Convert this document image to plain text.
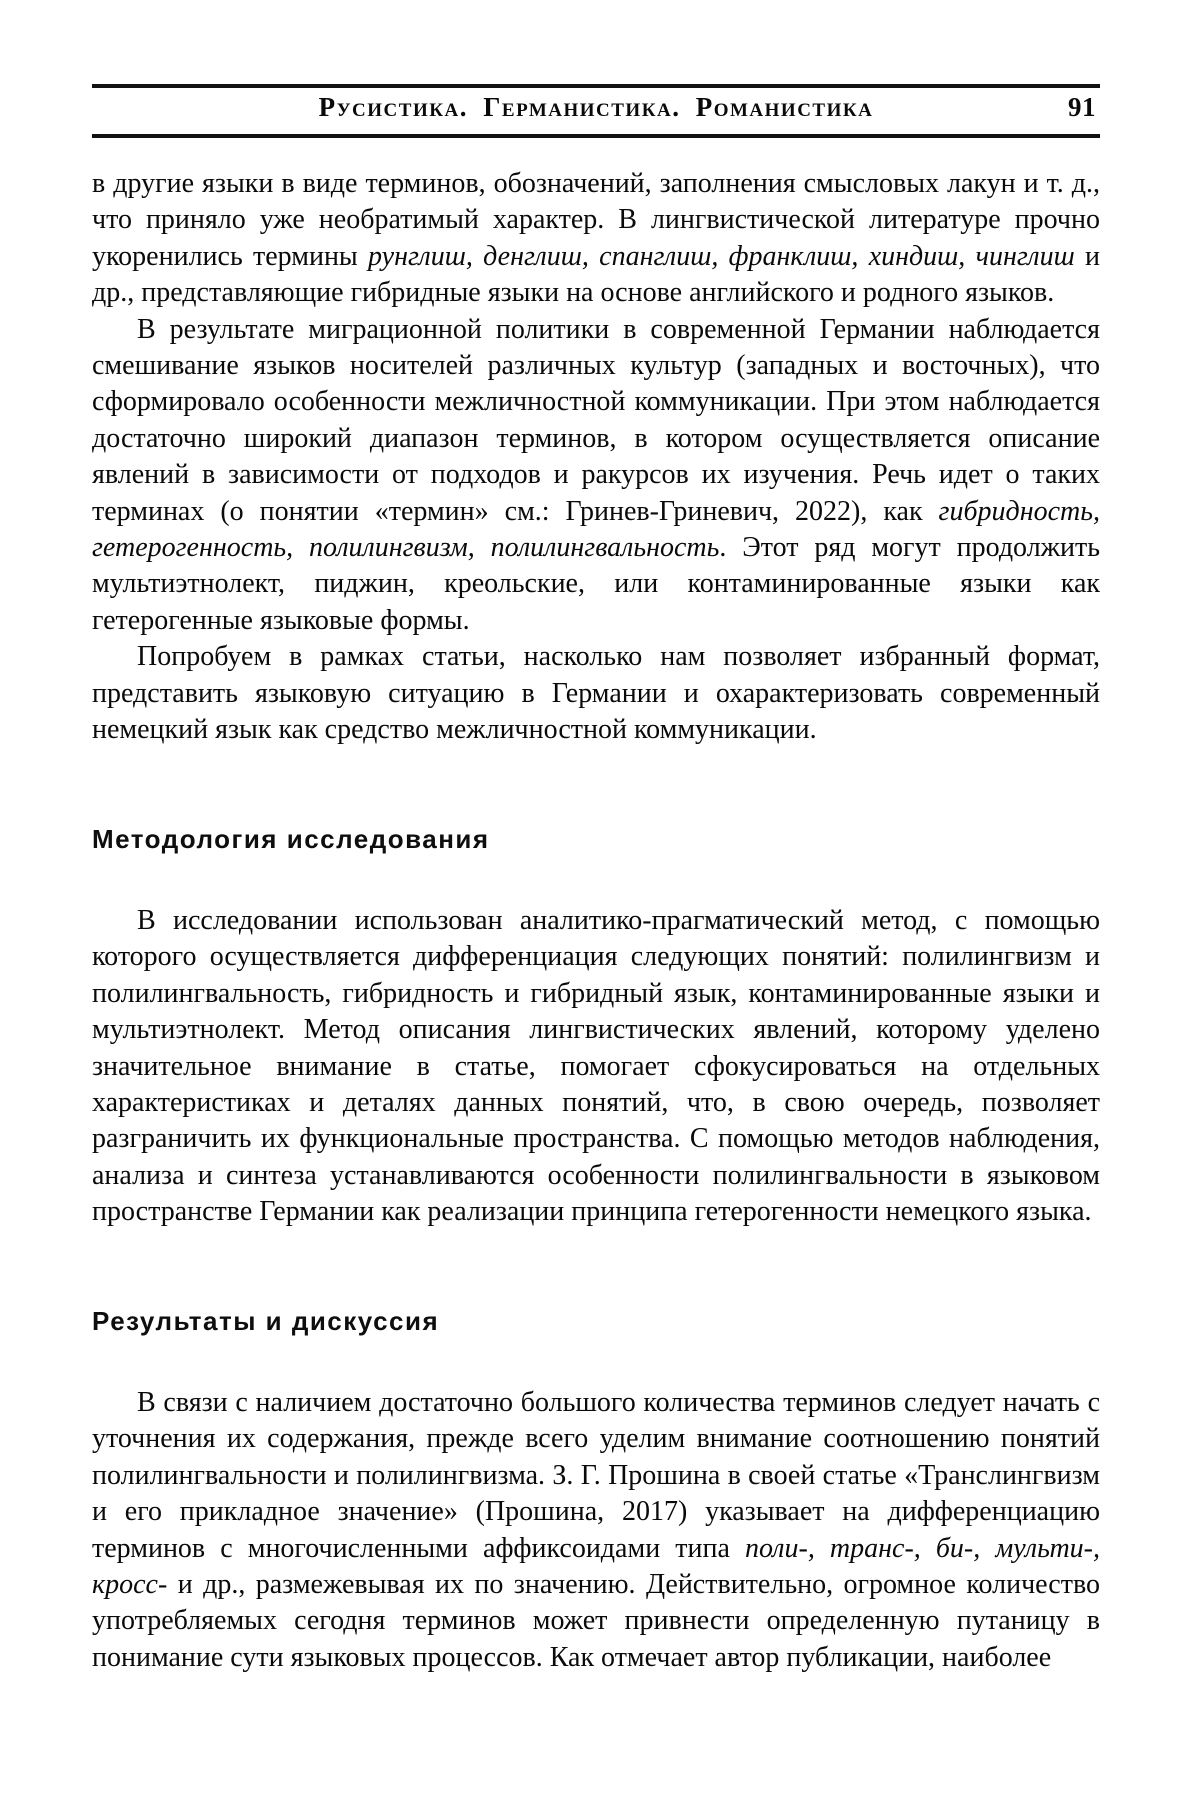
Русистика. Германистика. Романистика	91

в другие языки в виде терминов, обозначений, заполнения смысловых лакун и т. д., что приняло уже необратимый характер. В лингвистической литературе прочно укоренились термины рунглиш, денглиш, спанглиш, франклиш, хиндиш, чинглиш и др., представляющие гибридные языки на основе английского и родного языков.

В результате миграционной политики в современной Германии наблюдается смешивание языков носителей различных культур (западных и восточных), что сформировало особенности межличностной коммуникации. При этом наблюдается достаточно широкий диапазон терминов, в котором осуществляется описание явлений в зависимости от подходов и ракурсов их изучения. Речь идет о таких терминах (о понятии «термин» см.: Гринев-Гриневич, 2022), как гибридность, гетерогенность, полилингвизм, полилингвальность. Этот ряд могут продолжить мультиэтнолект, пиджин, креольские, или контаминированные языки как гетерогенные языковые формы.

Попробуем в рамках статьи, насколько нам позволяет избранный формат, представить языковую ситуацию в Германии и охарактеризовать современный немецкий язык как средство межличностной коммуникации.

Методология исследования

В исследовании использован аналитико-прагматический метод, с помощью которого осуществляется дифференциация следующих понятий: полилингвизм и полилингвальность, гибридность и гибридный язык, контаминированные языки и мультиэтнолект. Метод описания лингвистических явлений, которому уделено значительное внимание в статье, помогает сфокусироваться на отдельных характеристиках и деталях данных понятий, что, в свою очередь, позволяет разграничить их функциональные пространства. С помощью методов наблюдения, анализа и синтеза устанавливаются особенности полилингвальности в языковом пространстве Германии как реализации принципа гетерогенности немецкого языка.

Результаты и дискуссия

В связи с наличием достаточно большого количества терминов следует начать с уточнения их содержания, прежде всего уделим внимание соотношению понятий полилингвальности и полилингвизма. З. Г. Прошина в своей статье «Транслингвизм и его прикладное значение» (Прошина, 2017) указывает на дифференциацию терминов с многочисленными аффиксоидами типа поли-, транс-, би-, мульти-, кросс- и др., размежевывая их по значению. Действительно, огромное количество употребляемых сегодня терминов может привнести определенную путаницу в понимание сути языковых процессов. Как отмечает автор публикации, наиболее
